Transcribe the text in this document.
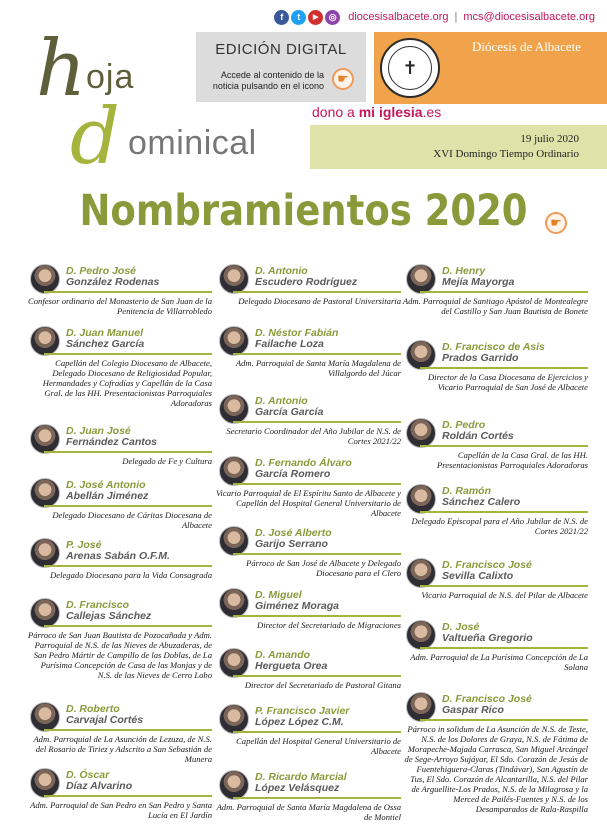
f	t	▶	◎	diocesisalbacete.org | mcs@diocesisalbacete.org
h oja
d ominical
EDICIÓN DIGITAL
Accede al contenido de la noticia pulsando en el icono	☛	✝
Diócesis de Albacete
dono a mi iglesia.es
19 julio 2020
XVI Domingo Tiempo Ordinario
Nombramientos 2020	☛
D. Pedro José
González Rodenas
Confesor ordinario del Monasterio de San Juan de la Penitencia de Villarrobledo
D. Juan Manuel
Sánchez García
Capellán del Colegio Diocesano de Albacete, Delegado Diocesano de Religiosidad Popular, Hermandades y Cofradías y Capellán de la Casa Gral. de las HH. Presentacionistas Parroquiales Adoradoras
D. Juan José
Fernández Cantos
Delegado de Fe y Cultura
D. José Antonio
Abellán Jiménez
Delegado Diocesano de Cáritas Diocesana de Albacete
P. José
Arenas Sabán O.F.M.
Delegado Diocesano para la Vida Consagrada
D. Francisco
Callejas Sánchez
Párroco de San Juan Bautista de Pozocañada y Adm. Parroquial de N.S. de las Nieves de Abuzaderas, de San Pedro Mártir de Campillo de las Doblas, de La Purísima Concepción de Casa de las Monjas y de N.S. de las Nieves de Cerro Lobo
D. Roberto
Carvajal Cortés
Adm. Parroquial de La Asunción de Lezuza, de N.S. del Rosario de Tiriez y Adscrito a San Sebastián de Munera
D. Óscar
Díaz Alvarino
Adm. Parroquial de San Pedro en San Pedro y Santa Lucía en El Jardín
D. Antonio
Escudero Rodríguez
Delegado Diocesano de Pastoral Universitaria
D. Néstor Fabián
Failache Loza
Adm. Parroquial de Santa María Magdalena de Villalgordo del Júcar
D. Antonio
García García
Secretario Coordinador del Año Jubilar de N.S. de Cortes 2021/22
D. Fernando Álvaro
García Romero
Vicario Parroquial de El Espíritu Santo de Albacete y Capellán del Hospital General Universitario de Albacete
D. José Alberto
Garijo Serrano
Párroco de San José de Albacete y Delegado Diocesano para el Clero
D. Miguel
Giménez Moraga
Director del Secretariado de Migraciones
D. Amando
Hergueta Orea
Director del Secretariado de Pastoral Gitana
P. Francisco Javier
López López C.M.
Capellán del Hospital General Universitario de Albacete
D. Ricardo Marcial
López Velásquez
Adm. Parroquial de Santa María Magdalena de Ossa de Montiel
D. Henry
Mejía Mayorga
Adm. Parroquial de Santiago Apóstol de Montealegre del Castillo y San Juan Bautista de Bonete
D. Francisco de Asís
Prados Garrido
Director de la Casa Diocesana de Ejercicios y Vicario Parroquial de San José de Albacete
D. Pedro
Roldán Cortés
Capellán de la Casa Gral. de las HH. Presentacionistas Parroquiales Adoradoras
D. Ramón
Sánchez Calero
Delegado Episcopal para el Año Jubilar de N.S. de Cortes 2021/22
D. Francisco José
Sevilla Calixto
Vicario Parroquial de N.S. del Pilar de Albacete
D. José
Valtueña Gregorio
Adm. Parroquial de La Purísima Concepción de La Solana
D. Francisco José
Gaspar Rico
Párroco in solidum de La Asunción de N.S. de Teste, N.S. de los Dolores de Graya, N.S. de Fátima de Morapeche-Majada Carrasca, San Miguel Arcángel de Sege-Arroyo Sujáyar, El Sdo. Corazón de Jesús de Fuentehiguera-Claras (Tindávar), San Agustín de Tus, El Sdo. Corazón de Alcantarilla, N.S. del Pilar de Arguellite-Los Prados, N.S. de la Milagrosa y la Merced de Pailés-Fuentes y N.S. de los Desamparados de Rala-Raspilla
